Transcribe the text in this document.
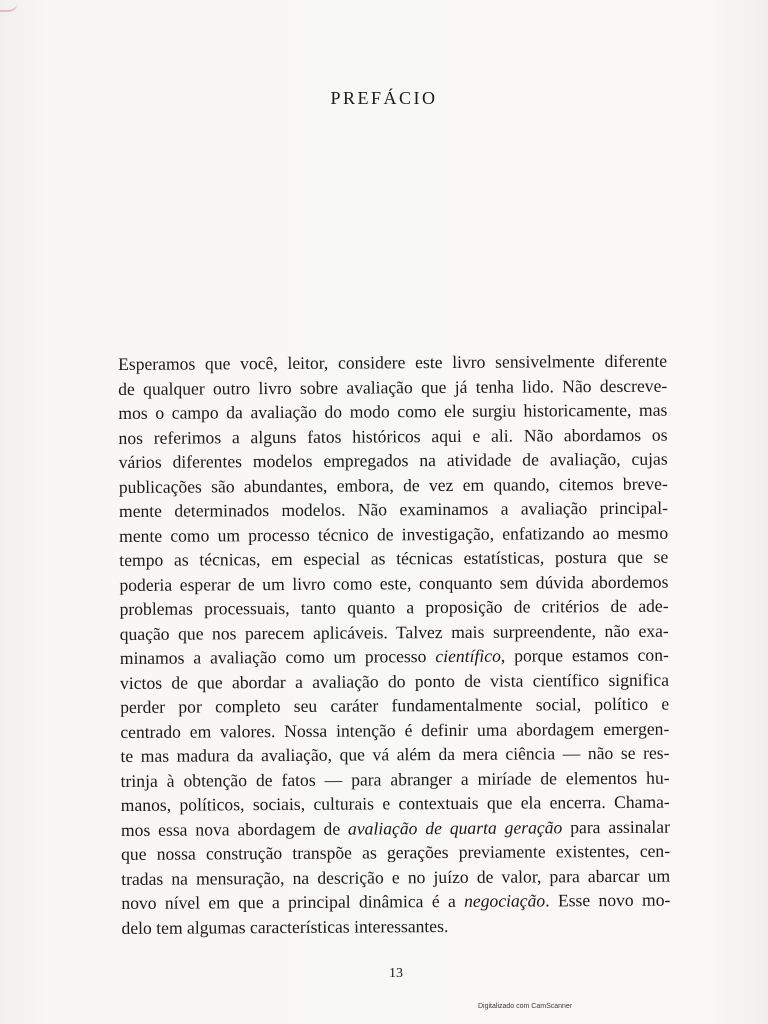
PREFÁCIO

Esperamos que você, leitor, considere este livro sensivelmente diferente
de qualquer outro livro sobre avaliação que já tenha lido. Não descreve-
mos o campo da avaliação do modo como ele surgiu historicamente, mas
nos referimos a alguns fatos históricos aqui e ali. Não abordamos os
vários diferentes modelos empregados na atividade de avaliação, cujas
publicações são abundantes, embora, de vez em quando, citemos breve-
mente determinados modelos. Não examinamos a avaliação principal-
mente como um processo técnico de investigação, enfatizando ao mesmo
tempo as técnicas, em especial as técnicas estatísticas, postura que se
poderia esperar de um livro como este, conquanto sem dúvida abordemos
problemas processuais, tanto quanto a proposição de critérios de ade-
quação que nos parecem aplicáveis. Talvez mais surpreendente, não exa-
minamos a avaliação como um processo científico, porque estamos con-
victos de que abordar a avaliação do ponto de vista científico significa
perder por completo seu caráter fundamentalmente social, político e
centrado em valores. Nossa intenção é definir uma abordagem emergen-
te mas madura da avaliação, que vá além da mera ciência — não se res-
trinja à obtenção de fatos — para abranger a miríade de elementos hu-
manos, políticos, sociais, culturais e contextuais que ela encerra. Chama-
mos essa nova abordagem de avaliação de quarta geração para assinalar
que nossa construção transpõe as gerações previamente existentes, cen-
tradas na mensuração, na descrição e no juízo de valor, para abarcar um
novo nível em que a principal dinâmica é a negociação. Esse novo mo-
delo tem algumas características interessantes.

13
Digitalizado com CamScanner
